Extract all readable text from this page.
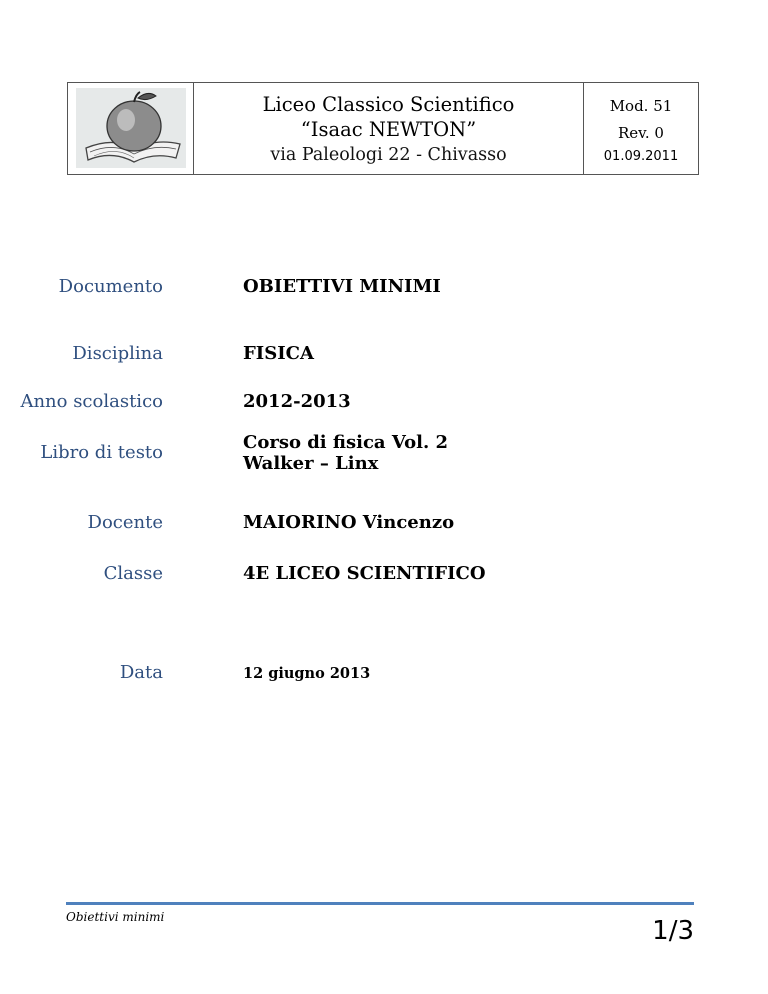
Liceo Classico Scientifico
“Isaac NEWTON”
via Paleologi 22 - Chivasso
Mod. 51
Rev. 0
01.09.2011
Documento	OBIETTIVI MINIMI
Disciplina	FISICA
Anno scolastico	2012-2013
Libro di testo	Corso di fisica Vol. 2
Walker – Linx
Docente	MAIORINO Vincenzo
Classe	4E LICEO SCIENTIFICO
Data	12 giugno 2013
Obiettivi minimi	1/3
